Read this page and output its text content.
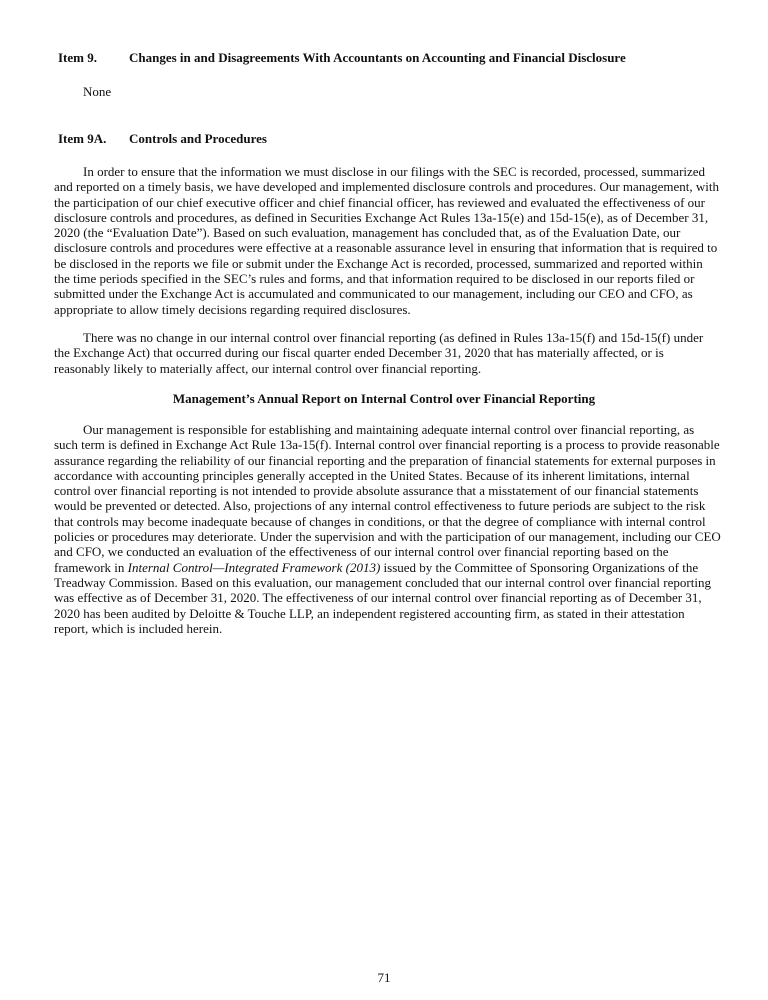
Item 9. Changes in and Disagreements With Accountants on Accounting and Financial Disclosure
None
Item 9A. Controls and Procedures
In order to ensure that the information we must disclose in our filings with the SEC is recorded, processed, summarized
and reported on a timely basis, we have developed and implemented disclosure controls and procedures. Our management, with
the participation of our chief executive officer and chief financial officer, has reviewed and evaluated the effectiveness of our
disclosure controls and procedures, as defined in Securities Exchange Act Rules 13a-15(e) and 15d-15(e), as of December 31,
2020 (the “Evaluation Date”). Based on such evaluation, management has concluded that, as of the Evaluation Date, our
disclosure controls and procedures were effective at a reasonable assurance level in ensuring that information that is required to
be disclosed in the reports we file or submit under the Exchange Act is recorded, processed, summarized and reported within
the time periods specified in the SEC’s rules and forms, and that information required to be disclosed in our reports filed or
submitted under the Exchange Act is accumulated and communicated to our management, including our CEO and CFO, as
appropriate to allow timely decisions regarding required disclosures.
There was no change in our internal control over financial reporting (as defined in Rules 13a-15(f) and 15d-15(f) under
the Exchange Act) that occurred during our fiscal quarter ended December 31, 2020 that has materially affected, or is
reasonably likely to materially affect, our internal control over financial reporting.
Management’s Annual Report on Internal Control over Financial Reporting
Our management is responsible for establishing and maintaining adequate internal control over financial reporting, as
such term is defined in Exchange Act Rule 13a-15(f). Internal control over financial reporting is a process to provide reasonable
assurance regarding the reliability of our financial reporting and the preparation of financial statements for external purposes in
accordance with accounting principles generally accepted in the United States. Because of its inherent limitations, internal
control over financial reporting is not intended to provide absolute assurance that a misstatement of our financial statements
would be prevented or detected. Also, projections of any internal control effectiveness to future periods are subject to the risk
that controls may become inadequate because of changes in conditions, or that the degree of compliance with internal control
policies or procedures may deteriorate. Under the supervision and with the participation of our management, including our CEO
and CFO, we conducted an evaluation of the effectiveness of our internal control over financial reporting based on the
framework in Internal Control—Integrated Framework (2013) issued by the Committee of Sponsoring Organizations of the
Treadway Commission. Based on this evaluation, our management concluded that our internal control over financial reporting
was effective as of December 31, 2020. The effectiveness of our internal control over financial reporting as of December 31,
2020 has been audited by Deloitte & Touche LLP, an independent registered accounting firm, as stated in their attestation
report, which is included herein.
71
